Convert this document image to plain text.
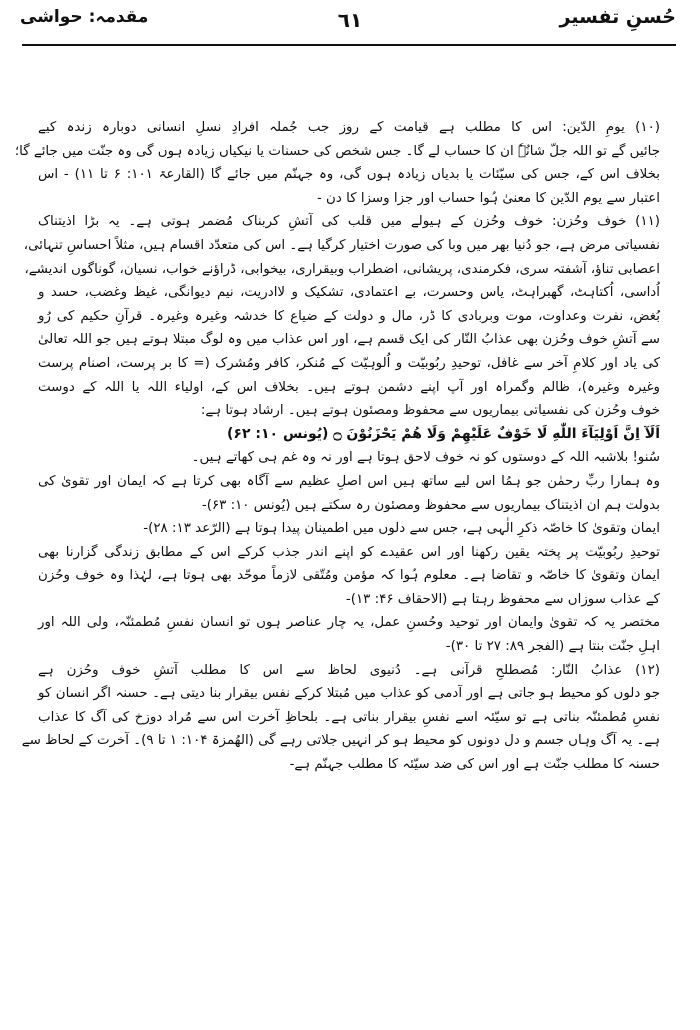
حُسنِ تفسیر
٦١
مقدمہ: حواشی
(۱۰) یومِ الدّین: اس کا مطلب ہے قیامت کے روز جب جُملہ افرادِ نسلِ انسانی دوبارہ زندہ کیے
جائیں گے تو اللہ جلّ شانُہٗ ان کا حساب لے گا۔ جس شخص کی حسنات یا نیکیاں زیادہ ہوں گی وہ جنّت میں جائے گا؛
بخلاف اس کے، جس کی سیّئات یا بدیاں زیادہ ہوں گی، وہ جہنّم میں جائے گا (القارعۃ ۱۰۱: ۶ تا ۱۱) - اس
اعتبار سے یوم الدّین کا معنیٰ ہُوا حساب اور جزا وسزا کا دن -
(۱۱) خوف وحُزن: خوف وحُزن کے ہیولے میں قلب کی آتشِ کربناک مُضمر ہوتی ہے۔ یہ بڑا اذیتناک
نفسیاتی مرض ہے، جو دُنیا بھر میں وبا کی صورت اختیار کرگیا ہے۔ اس کی متعدّد اقسام ہیں، مثلاً احساسِ تنہائی،
اعصابی تناؤ، آشفتہ سری، فکرمندی، پریشانی، اضطراب وبیقراری، بیخوابی، ڈراؤنے خواب، نسیان، گوناگوں اندیشے،
اُداسی، اُکتاہٹ، گھبراہٹ، یاس وحسرت، بے اعتمادی، تشکیک و لاادریت، نیم دیوانگی، غیظ وغضب، حسد و
بُغض، نفرت وعداوت، موت وبربادی کا ڈر، مال و دولت کے ضیاع کا خدشہ وغیرہ وغیرہ۔ قرآنِ حکیم کی رُو
سے آتشِ خوف وحُزن بھی عذابُ النّار کی ایک قسم ہے، اور اس عذاب میں وہ لوگ مبتلا ہوتے ہیں جو اللہ تعالیٰ
کی یاد اور کلامِ آخر سے غافل، توحیدِ ربُوبیّت و اُلوہیّت کے مُنکر، کافر ومُشرک (= کا بر پرست، اصنام پرست
وغیرہ وغیرہ)، ظالم وگمراہ اور آپ اپنے دشمن ہوتے ہیں۔ بخلاف اس کے، اولیاء اللہ یا اللہ کے دوست
خوف وحُزن کی نفسیاتی بیماریوں سے محفوظ ومصئون ہوتے ہیں۔ ارشاد ہوتا ہے:
اَلَآ اِنَّ اَوْلِيَآءَ اللّٰهِ لَا خَوْفٌ عَلَيْهِمْ وَلَا هُمْ يَحْزَنُوْنَ ۝ (یُونس ۱۰: ۶۲)
سُنو! بلاشبہ اللہ کے دوستوں کو نہ خوف لاحق ہوتا ہے اور نہ وہ غم ہی کھاتے ہیں۔
وہ ہمارا ربِّ رحمٰن جو ہمُا اس لیے ساتھ ہیں اس اصلِ عظیم سے آگاہ بھی کرتا ہے کہ ایمان اور تقویٰ کی
بدولت ہم ان اذیتناک بیماریوں سے محفوظ ومصئون رہ سکتے ہیں (یُونس ۱۰: ۶۳)-
ایمان وتقویٰ کا خاصّہ ذکرِ الٰہی ہے، جس سے دلوں میں اطمینان پیدا ہوتا ہے (الرّعد ۱۳: ۲۸)-
توحیدِ ربُوبیّت پر پختہ یقین رکھنا اور اس عقیدے کو اپنے اندر جذب کرکے اس کے مطابق زندگی گزارنا بھی
ایمان وتقویٰ کا خاصّہ و تقاضا ہے۔ معلوم ہُوا کہ مؤمن ومُتّقی لازماً موحّد بھی ہوتا ہے، لہٰذا وہ خوف وحُزن
کے عذاب سوزاں سے محفوظ رہتا ہے (الاحقاف ۴۶: ۱۳)-
مختصر یہ کہ تقویٰ وایمان اور توحید وحُسنِ عمل، یہ چار عناصر ہوں تو انسان نفسِ مُطمئنّہ، ولی اللہ اور
اہلِ جنّت بنتا ہے (الفجر ۸۹: ۲۷ تا ۳۰)-
(۱۲) عذابُ النّار: مُصطلحِ قرآنی ہے۔ دُنیوی لحاظ سے اس کا مطلب آتشِ خوف وحُزن ہے
جو دلوں کو محیط ہو جاتی ہے اور آدمی کو عذاب میں مُبتلا کرکے نفس بیقرار بنا دیتی ہے۔ حسنہ اگر انسان کو
نفسِ مُطمئنّہ بناتی ہے تو سیّئہ اسے نفسِ بیقرار بناتی ہے۔ بلحاظِ آخرت اس سے مُراد دوزخ کی آگ کا عذاب
ہے۔ یہ آگ وہاں جسم و دل دونوں کو محیط ہو کر انہیں جلاتی رہے گی (الھُمزۃ ۱۰۴: ۱ تا ۹)۔ آخرت کے لحاظ سے
حسنہ کا مطلب جنّت ہے اور اس کی ضد سیّئہ کا مطلب جہنّم ہے-
